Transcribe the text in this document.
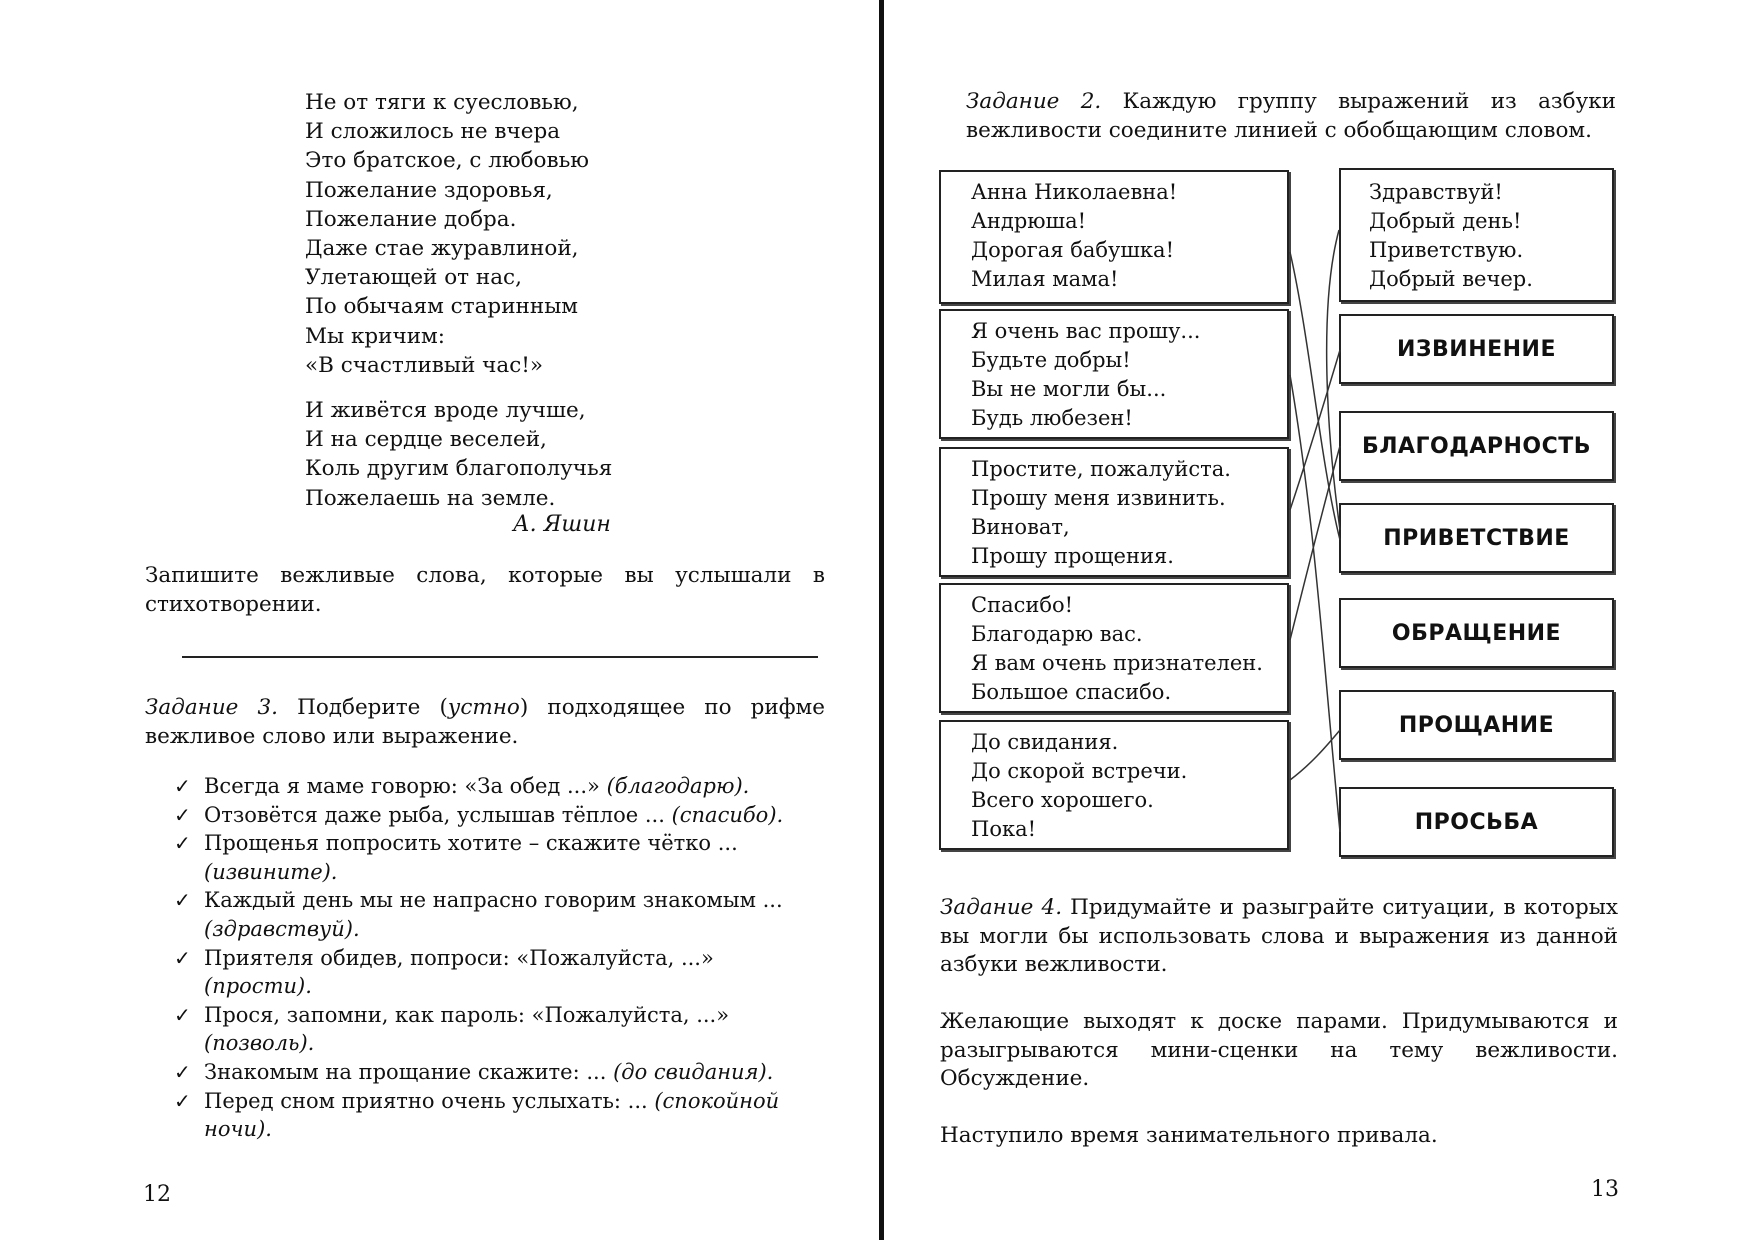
Не от тяги к суесловью,
И сложилось не вчера
Это братское, с любовью
Пожелание здоровья,
Пожелание добра.
Даже стае журавлиной,
Улетающей от нас,
По обычаям старинным
Мы кричим:
«В счастливый час!»
И живётся вроде лучше,
И на сердце веселей,
Коль другим благополучья
Пожелаешь на земле.
А. Яшин
Запишите вежливые слова, которые вы услышали в стихотворении.
Задание 3. Подберите (устно) подходящее по рифме вежливое слово или выражение.
✓ Всегда я маме говорю: «За обед ...» (благодарю).
✓ Отзовётся даже рыба, услышав тёплое ... (спасибо).
✓ Прощенья попросить хотите – скажите чётко ... (извините).
✓ Каждый день мы не напрасно говорим знакомым ... (здравствуй).
✓ Приятеля обидев, попроси: «Пожалуйста, ...» (прости).
✓ Прося, запомни, как пароль: «Пожалуйста, ...» (позволь).
✓ Знакомым на прощание скажите: ... (до свидания).
✓ Перед сном приятно очень услыхать: ... (спокойной ночи).
12
Задание 2. Каждую группу выражений из азбуки вежливости соедините линией с обобщающим словом.
Анна Николаевна!
Андрюша!
Дорогая бабушка!
Милая мама!
Я очень вас прошу...
Будьте добры!
Вы не могли бы...
Будь любезен!
Простите, пожалуйста.
Прошу меня извинить.
Виноват,
Прошу прощения.
Спасибо!
Благодарю вас.
Я вам очень признателен.
Большое спасибо.
До свидания.
До скорой встречи.
Всего хорошего.
Пока!
Здравствуй!
Добрый день!
Приветствую.
Добрый вечер.
ИЗВИНЕНИЕ
БЛАГОДАРНОСТЬ
ПРИВЕТСТВИЕ
ОБРАЩЕНИЕ
ПРОЩАНИЕ
ПРОСЬБА
Задание 4. Придумайте и разыграйте ситуации, в которых вы могли бы использовать слова и выражения из данной азбуки вежливости.
Желающие выходят к доске парами. Придумываются и разыгрываются мини-сценки на тему вежливости. Обсуждение.
Наступило время занимательного привала.
13
